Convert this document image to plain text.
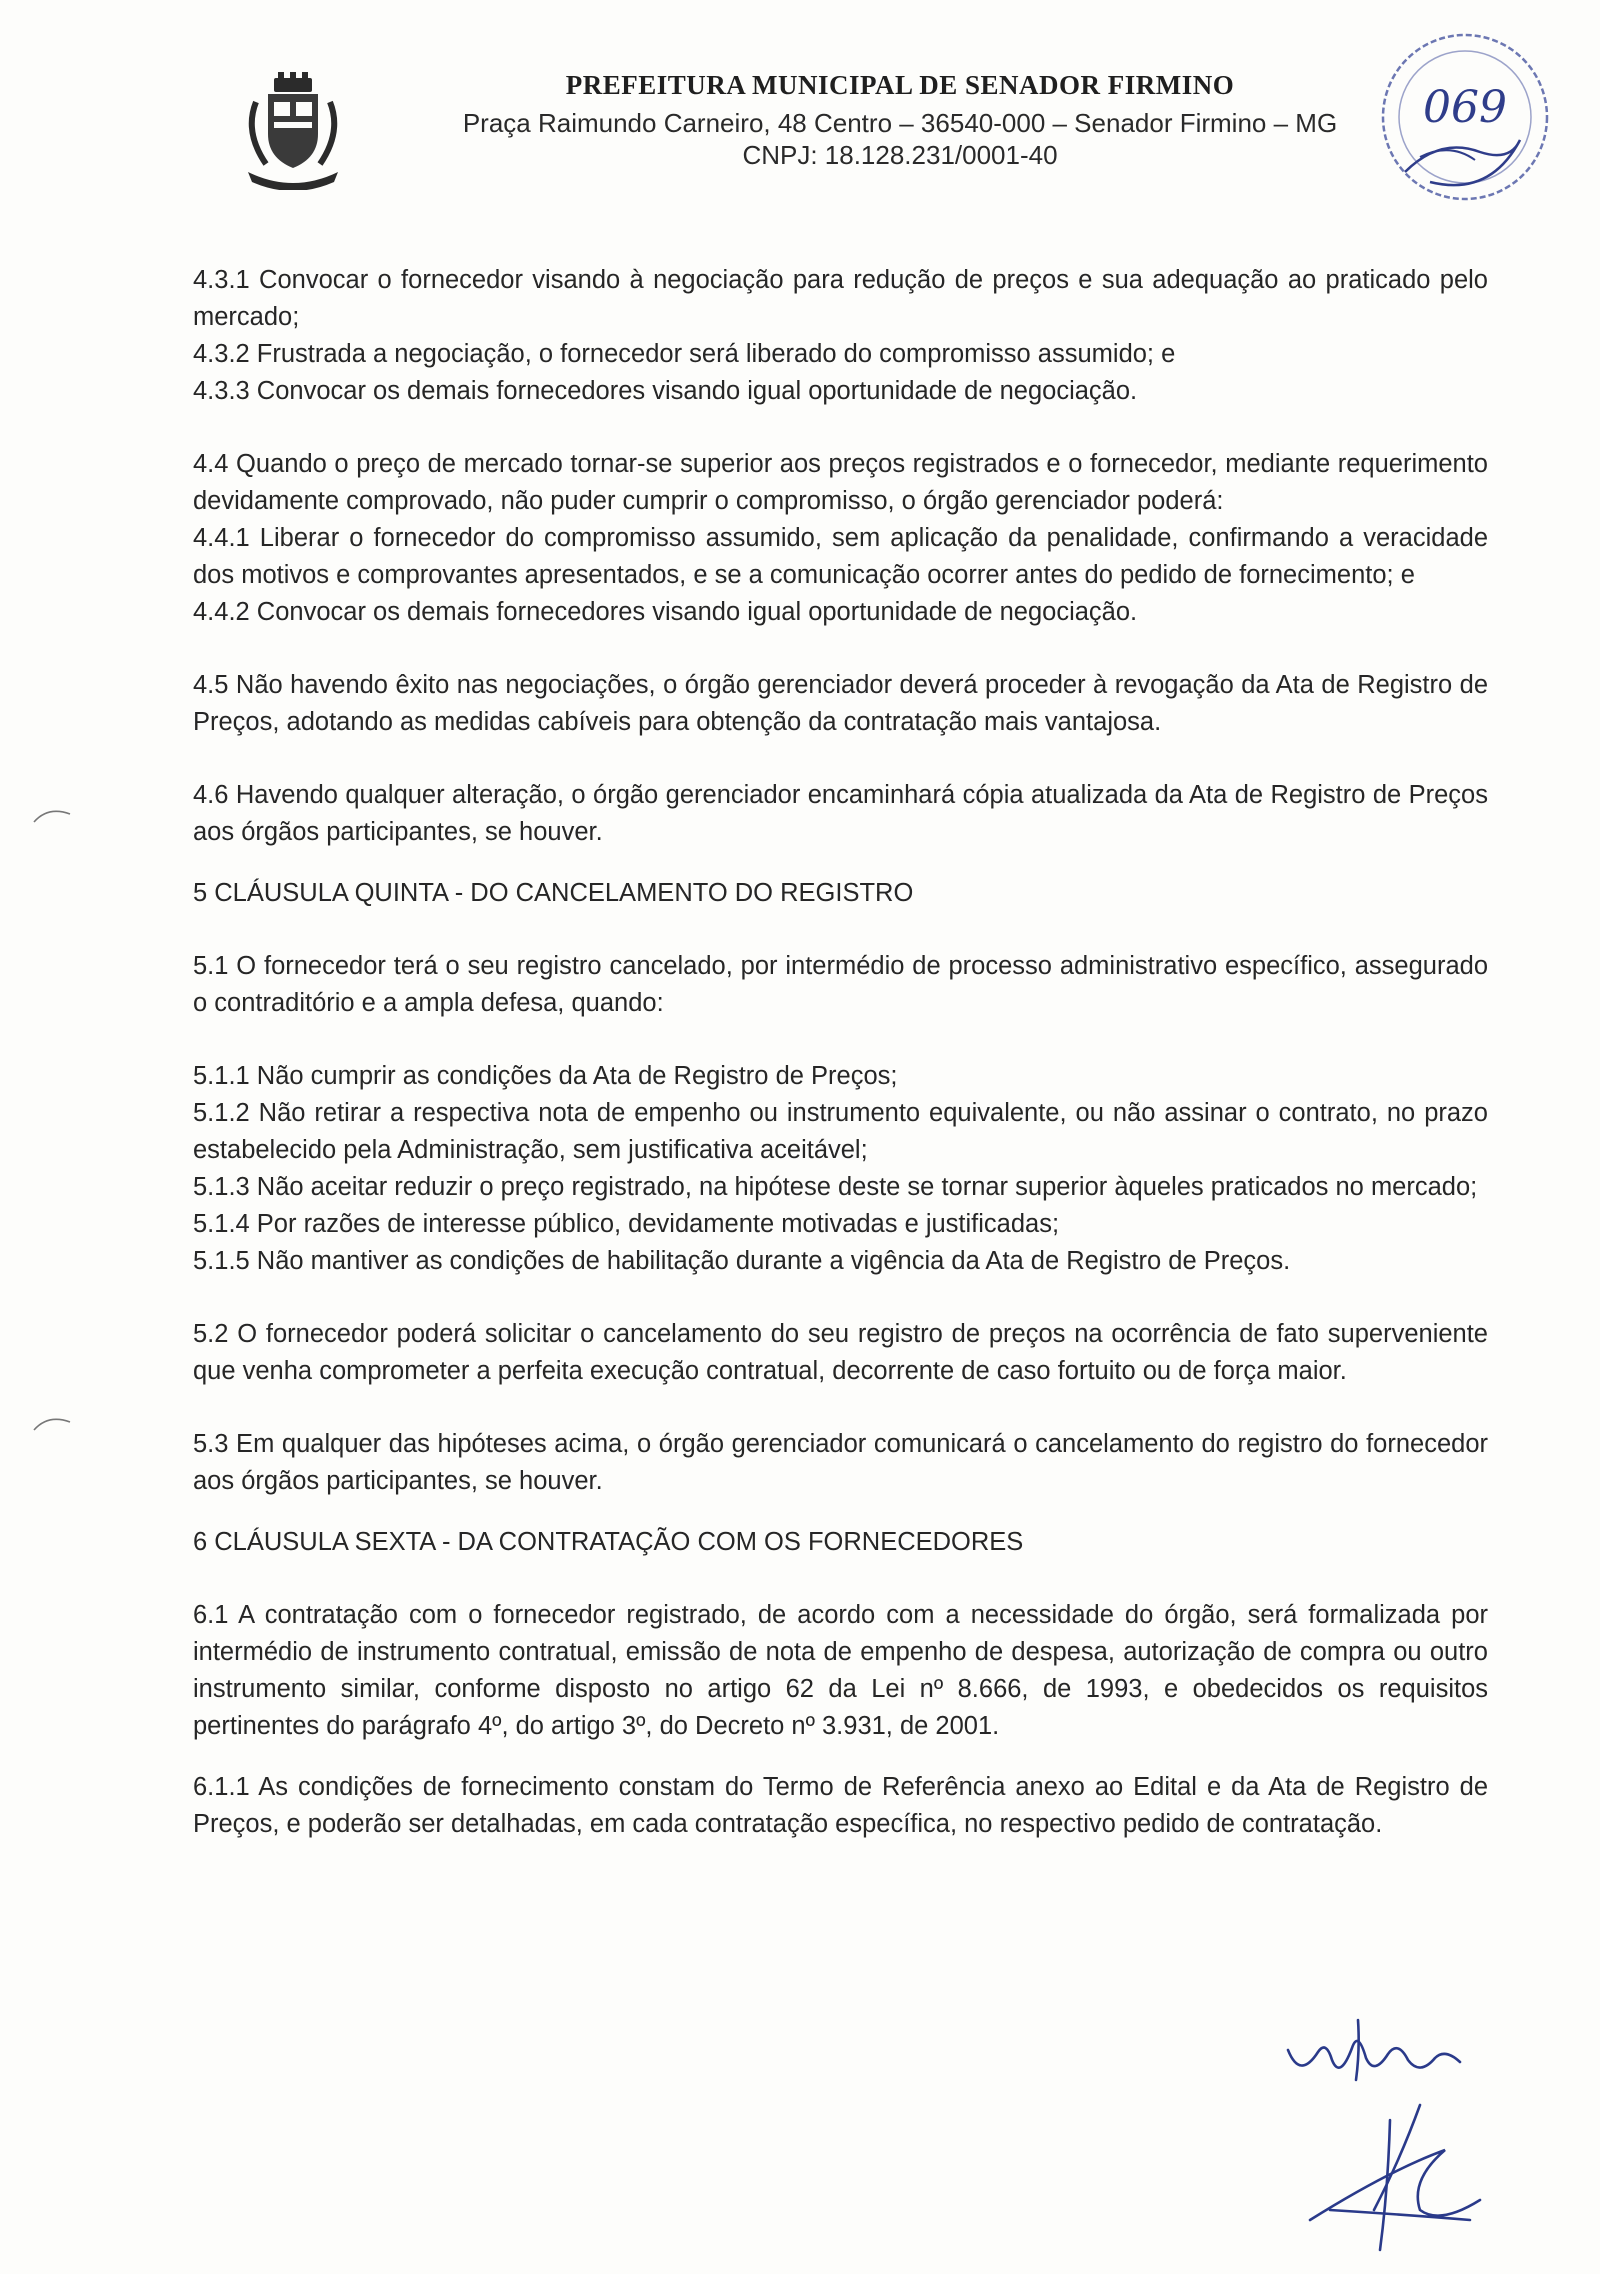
PREFEITURA MUNICIPAL DE SENADOR FIRMINO
Praça Raimundo Carneiro, 48 Centro – 36540-000 – Senador Firmino – MG
CNPJ: 18.128.231/0001-40
069

4.3.1 Convocar o fornecedor visando à negociação para redução de preços e sua adequação ao praticado pelo mercado;

4.3.2 Frustrada a negociação, o fornecedor será liberado do compromisso assumido; e

4.3.3 Convocar os demais fornecedores visando igual oportunidade de negociação.

4.4 Quando o preço de mercado tornar-se superior aos preços registrados e o fornecedor, mediante requerimento devidamente comprovado, não puder cumprir o compromisso, o órgão gerenciador poderá:

4.4.1 Liberar o fornecedor do compromisso assumido, sem aplicação da penalidade, confirmando a veracidade dos motivos e comprovantes apresentados, e se a comunicação ocorrer antes do pedido de fornecimento; e

4.4.2 Convocar os demais fornecedores visando igual oportunidade de negociação.

4.5 Não havendo êxito nas negociações, o órgão gerenciador deverá proceder à revogação da Ata de Registro de Preços, adotando as medidas cabíveis para obtenção da contratação mais vantajosa.

4.6 Havendo qualquer alteração, o órgão gerenciador encaminhará cópia atualizada da Ata de Registro de Preços aos órgãos participantes, se houver.

5 CLÁUSULA QUINTA - DO CANCELAMENTO DO REGISTRO

5.1 O fornecedor terá o seu registro cancelado, por intermédio de processo administrativo específico, assegurado o contraditório e a ampla defesa, quando:

5.1.1 Não cumprir as condições da Ata de Registro de Preços;

5.1.2 Não retirar a respectiva nota de empenho ou instrumento equivalente, ou não assinar o contrato, no prazo estabelecido pela Administração, sem justificativa aceitável;

5.1.3 Não aceitar reduzir o preço registrado, na hipótese deste se tornar superior àqueles praticados no mercado;

5.1.4 Por razões de interesse público, devidamente motivadas e justificadas;

5.1.5 Não mantiver as condições de habilitação durante a vigência da Ata de Registro de Preços.

5.2 O fornecedor poderá solicitar o cancelamento do seu registro de preços na ocorrência de fato superveniente que venha comprometer a perfeita execução contratual, decorrente de caso fortuito ou de força maior.

5.3 Em qualquer das hipóteses acima, o órgão gerenciador comunicará o cancelamento do registro do fornecedor aos órgãos participantes, se houver.

6 CLÁUSULA SEXTA - DA CONTRATAÇÃO COM OS FORNECEDORES

6.1 A contratação com o fornecedor registrado, de acordo com a necessidade do órgão, será formalizada por intermédio de instrumento contratual, emissão de nota de empenho de despesa, autorização de compra ou outro instrumento similar, conforme disposto no artigo 62 da Lei nº 8.666, de 1993, e obedecidos os requisitos pertinentes do parágrafo 4º, do artigo 3º, do Decreto nº 3.931, de 2001.

6.1.1 As condições de fornecimento constam do Termo de Referência anexo ao Edital e da Ata de Registro de Preços, e poderão ser detalhadas, em cada contratação específica, no respectivo pedido de contratação.
